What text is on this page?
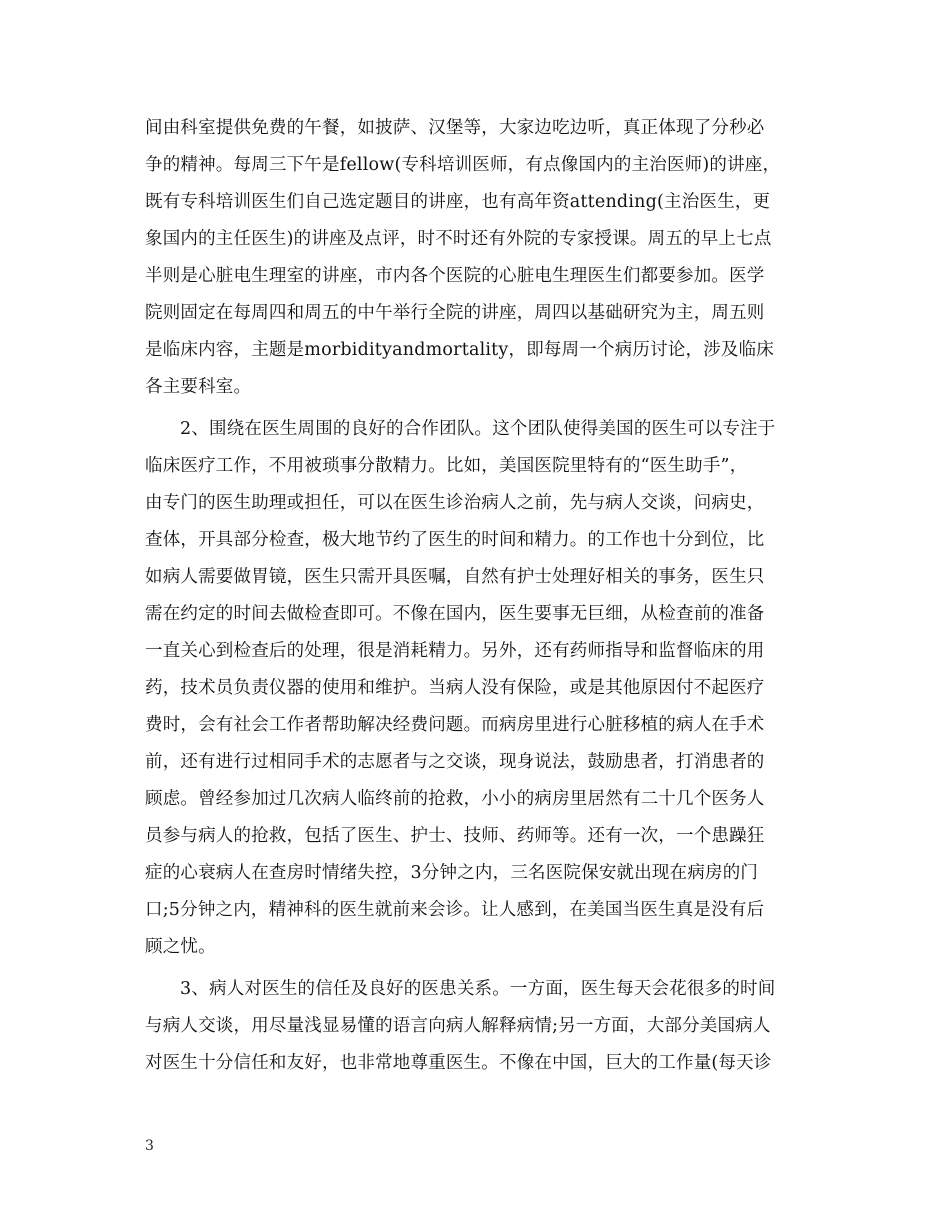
间由科室提供免费的午餐，如披萨、汉堡等，大家边吃边听，真正体现了分秒必
争的精神。每周三下午是fellow(专科培训医师，有点像国内的主治医师)的讲座，
既有专科培训医生们自己选定题目的讲座，也有高年资attending(主治医生，更
象国内的主任医生)的讲座及点评，时不时还有外院的专家授课。周五的早上七点
半则是心脏电生理室的讲座，市内各个医院的心脏电生理医生们都要参加。医学
院则固定在每周四和周五的中午举行全院的讲座，周四以基础研究为主，周五则
是临床内容，主题是morbidityandmortality，即每周一个病历讨论，涉及临床
各主要科室。
2、围绕在医生周围的良好的合作团队。这个团队使得美国的医生可以专注于
临床医疗工作，不用被琐事分散精力。比如，美国医院里特有的“医生助手”，
由专门的医生助理或担任，可以在医生诊治病人之前，先与病人交谈，问病史，
查体，开具部分检查，极大地节约了医生的时间和精力。的工作也十分到位，比
如病人需要做胃镜，医生只需开具医嘱，自然有护士处理好相关的事务，医生只
需在约定的时间去做检查即可。不像在国内，医生要事无巨细，从检查前的准备
一直关心到检查后的处理，很是消耗精力。另外，还有药师指导和监督临床的用
药，技术员负责仪器的使用和维护。当病人没有保险，或是其他原因付不起医疗
费时，会有社会工作者帮助解决经费问题。而病房里进行心脏移植的病人在手术
前，还有进行过相同手术的志愿者与之交谈，现身说法，鼓励患者，打消患者的
顾虑。曾经参加过几次病人临终前的抢救，小小的病房里居然有二十几个医务人
员参与病人的抢救，包括了医生、护士、技师、药师等。还有一次，一个患躁狂
症的心衰病人在查房时情绪失控，3分钟之内，三名医院保安就出现在病房的门
口;5分钟之内，精神科的医生就前来会诊。让人感到，在美国当医生真是没有后
顾之忧。
3、病人对医生的信任及良好的医患关系。一方面，医生每天会花很多的时间
与病人交谈，用尽量浅显易懂的语言向病人解释病情;另一方面，大部分美国病人
对医生十分信任和友好，也非常地尊重医生。不像在中国，巨大的工作量(每天诊
3
